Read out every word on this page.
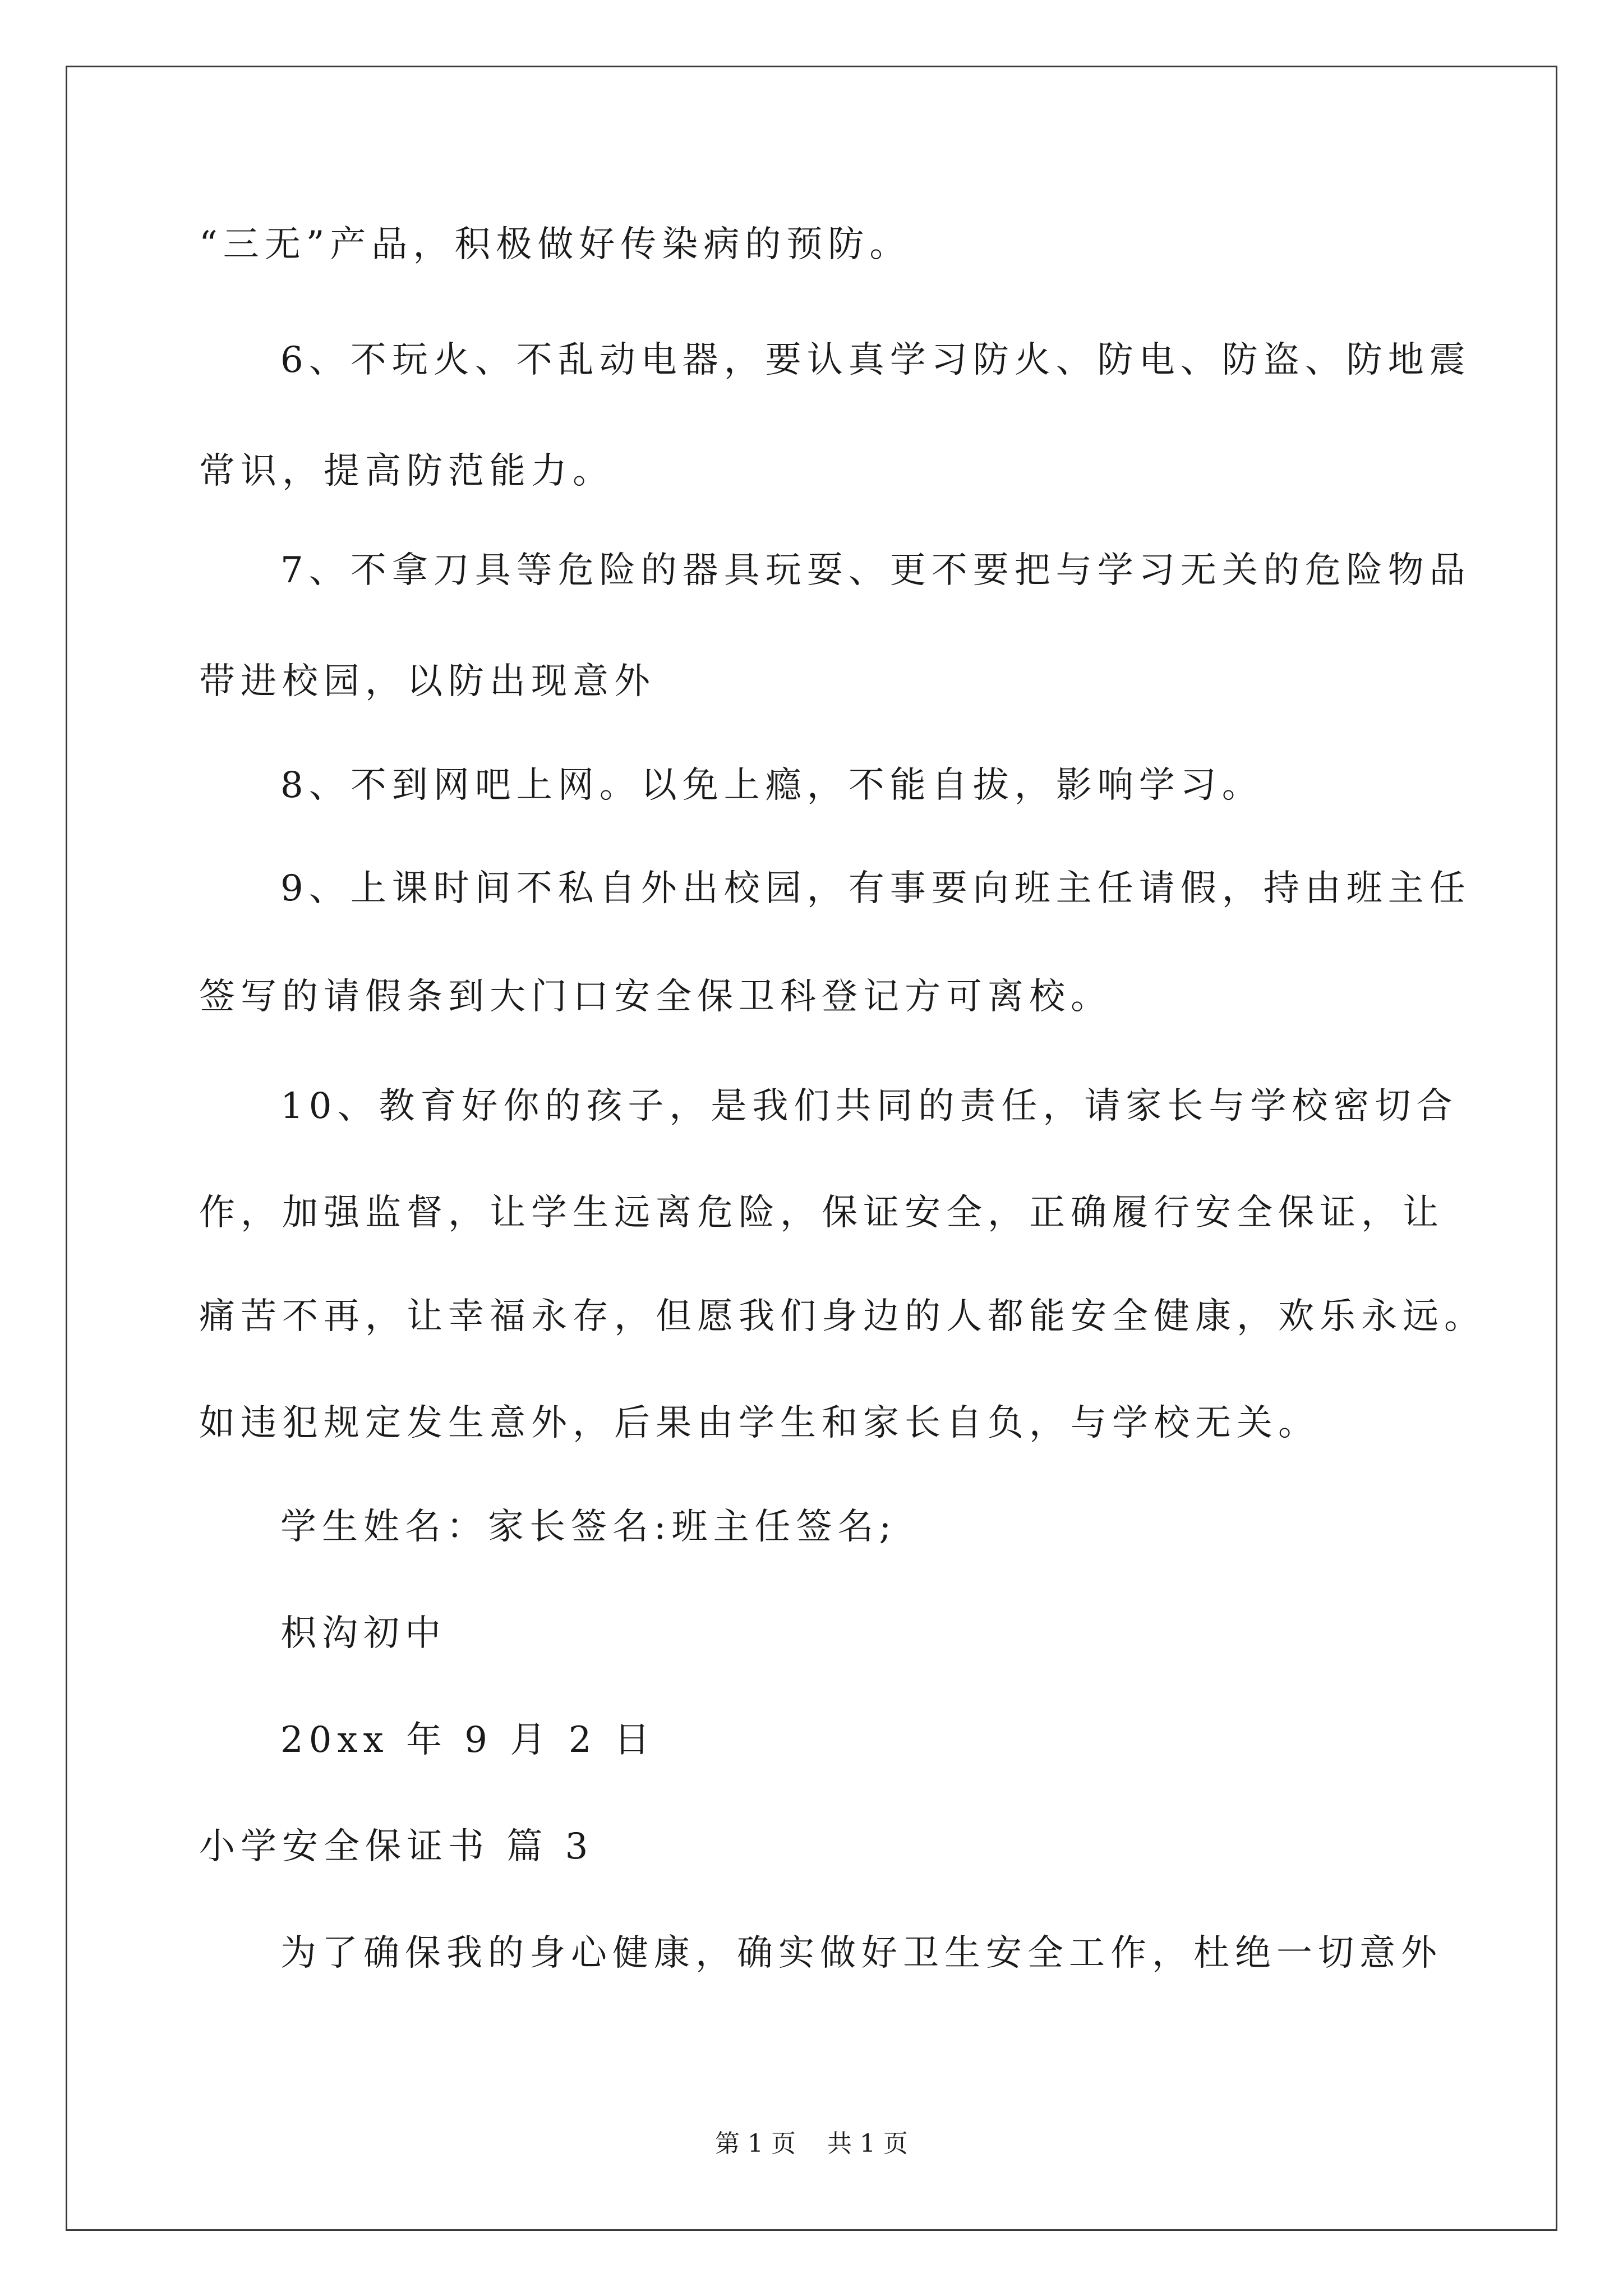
“三无”产品，积极做好传染病的预防。
6、不玩火、不乱动电器，要认真学习防火、防电、防盗、防地震
常识，提高防范能力。
7、不拿刀具等危险的器具玩耍、更不要把与学习无关的危险物品
带进校园，以防出现意外
8、不到网吧上网。以免上瘾，不能自拔，影响学习。
9、上课时间不私自外出校园，有事要向班主任请假，持由班主任
签写的请假条到大门口安全保卫科登记方可离校。
10、教育好你的孩子，是我们共同的责任，请家长与学校密切合
作，加强监督，让学生远离危险，保证安全，正确履行安全保证，让
痛苦不再，让幸福永存，但愿我们身边的人都能安全健康，欢乐永远。
如违犯规定发生意外，后果由学生和家长自负，与学校无关。
学生姓名：家长签名:班主任签名;
枳沟初中
20xx 年 9 月 2 日
小学安全保证书 篇 3
为了确保我的身心健康，确实做好卫生安全工作，杜绝一切意外
第 1 页    共 1 页
